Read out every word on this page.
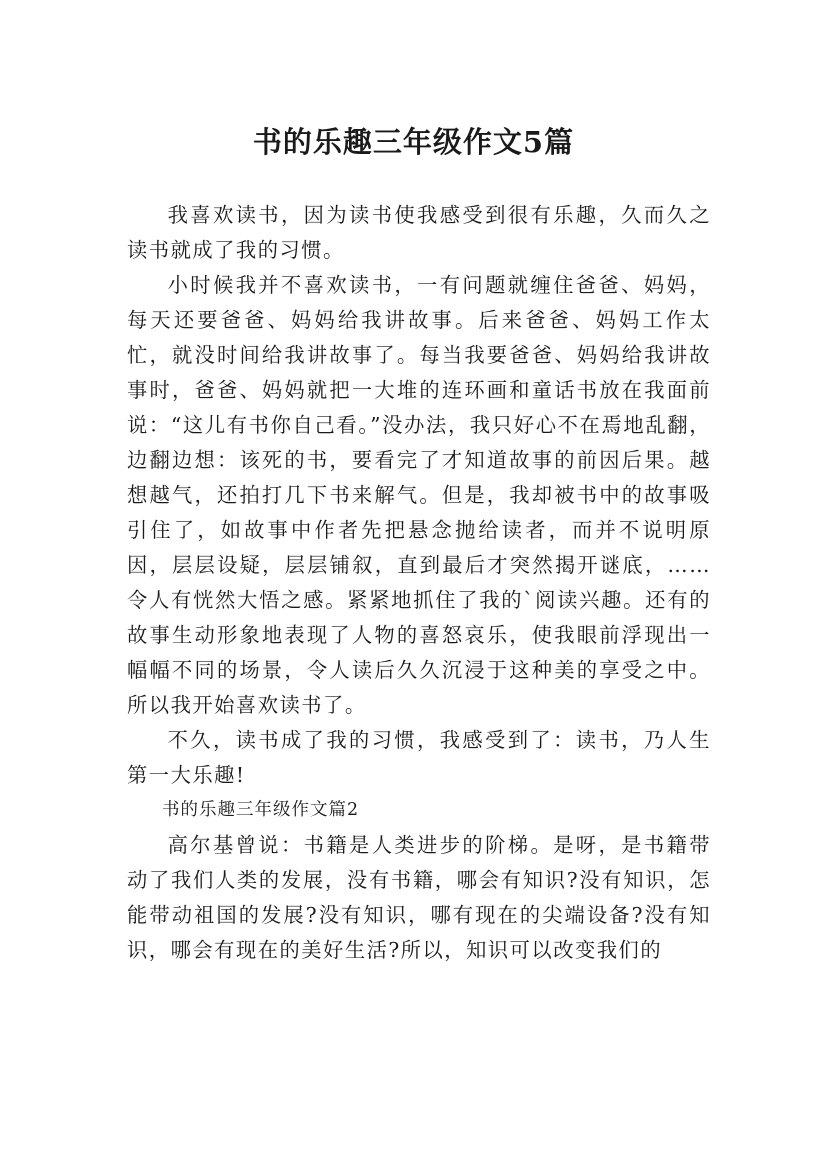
书的乐趣三年级作文5篇

我喜欢读书，因为读书使我感受到很有乐趣，久而久之读书就成了我的习惯。

小时候我并不喜欢读书，一有问题就缠住爸爸、妈妈，每天还要爸爸、妈妈给我讲故事。后来爸爸、妈妈工作太忙，就没时间给我讲故事了。每当我要爸爸、妈妈给我讲故事时，爸爸、妈妈就把一大堆的连环画和童话书放在我面前说：“这儿有书你自己看。”没办法，我只好心不在焉地乱翻，边翻边想：该死的书，要看完了才知道故事的前因后果。越想越气，还拍打几下书来解气。但是，我却被书中的故事吸引住了，如故事中作者先把悬念抛给读者，而并不说明原因，层层设疑，层层铺叙，直到最后才突然揭开谜底，……令人有恍然大悟之感。紧紧地抓住了我的`阅读兴趣。还有的故事生动形象地表现了人物的喜怒哀乐，使我眼前浮现出一幅幅不同的场景，令人读后久久沉浸于这种美的享受之中。所以我开始喜欢读书了。

不久，读书成了我的习惯，我感受到了：读书，乃人生第一大乐趣!

书的乐趣三年级作文篇2

高尔基曾说：书籍是人类进步的阶梯。是呀，是书籍带动了我们人类的发展，没有书籍，哪会有知识?没有知识，怎能带动祖国的发展?没有知识，哪有现在的尖端设备?没有知识，哪会有现在的美好生活?所以，知识可以改变我们的
